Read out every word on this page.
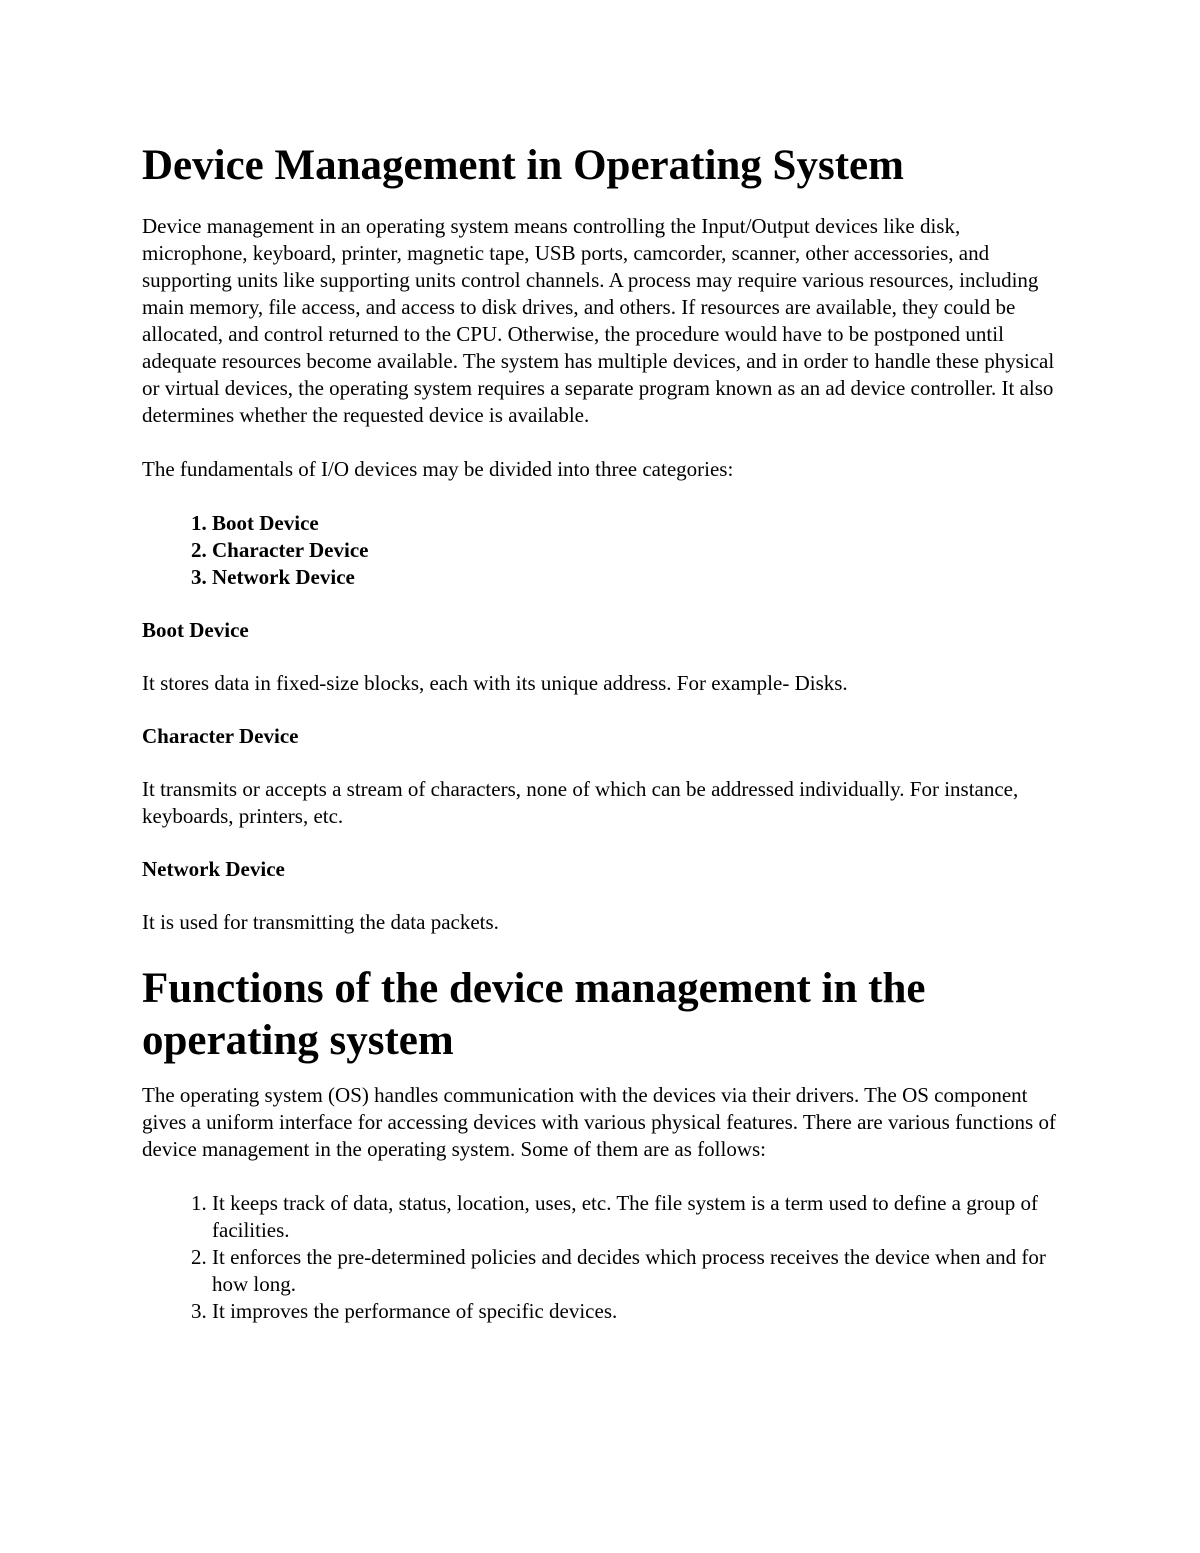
Device Management in Operating System

Device management in an operating system means controlling the Input/Output devices like disk, microphone, keyboard, printer, magnetic tape, USB ports, camcorder, scanner, other accessories, and supporting units like supporting units control channels. A process may require various resources, including main memory, file access, and access to disk drives, and others. If resources are available, they could be allocated, and control returned to the CPU. Otherwise, the procedure would have to be postponed until adequate resources become available. The system has multiple devices, and in order to handle these physical or virtual devices, the operating system requires a separate program known as an ad device controller. It also determines whether the requested device is available.

The fundamentals of I/O devices may be divided into three categories:

1. Boot Device
2. Character Device
3. Network Device
Boot Device

It stores data in fixed-size blocks, each with its unique address. For example- Disks.

Character Device

It transmits or accepts a stream of characters, none of which can be addressed individually. For instance, keyboards, printers, etc.

Network Device

It is used for transmitting the data packets.

Functions of the device management in the operating system

The operating system (OS) handles communication with the devices via their drivers. The OS component gives a uniform interface for accessing devices with various physical features. There are various functions of device management in the operating system. Some of them are as follows:

1. It keeps track of data, status, location, uses, etc. The file system is a term used to define a group of facilities.
2. It enforces the pre-determined policies and decides which process receives the device when and for how long.
3. It improves the performance of specific devices.
